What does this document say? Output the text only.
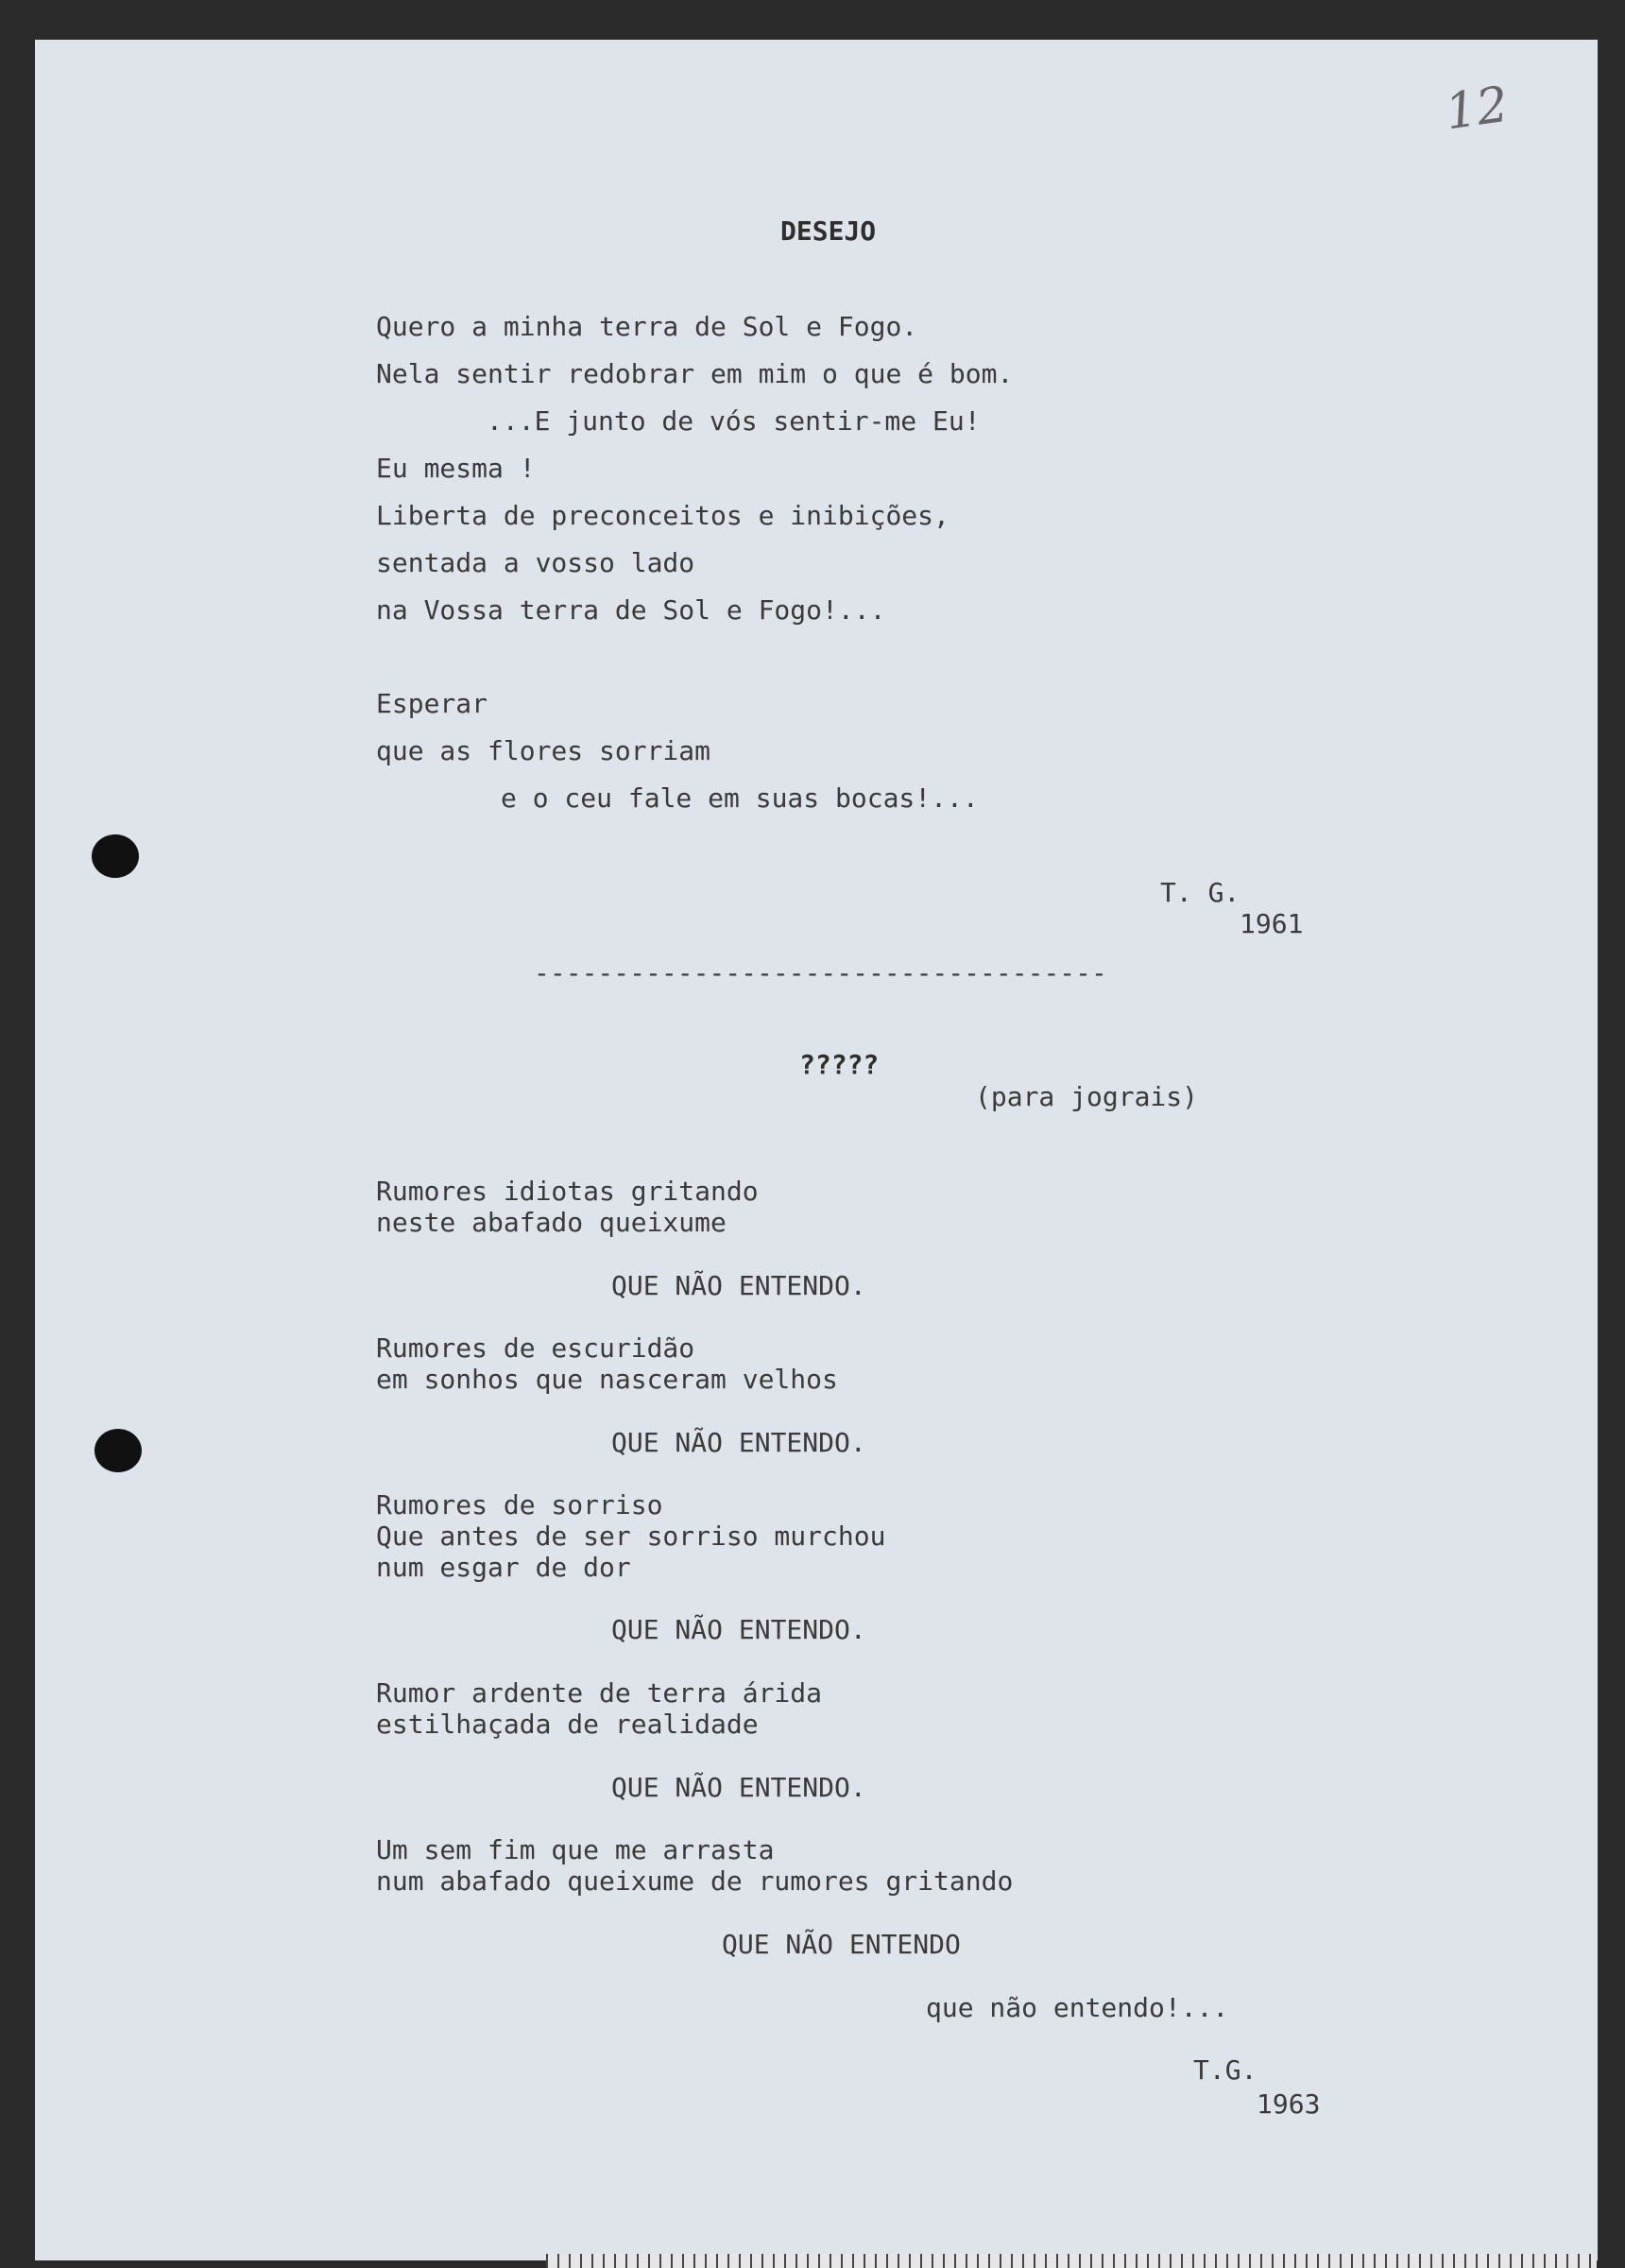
12
DESEJO
Quero a minha terra de Sol e Fogo.
Nela sentir redobrar em mim o que é bom.
...E junto de vós sentir-me Eu!
Eu mesma !
Liberta de preconceitos e inibições,
sentada a vosso lado
na Vossa terra de Sol e Fogo!...
Esperar
que as flores sorriam
e o ceu fale em suas bocas!...
T. G.
1961
------------------------------------
?????
(para jograis)
Rumores idiotas gritando
neste abafado queixume
QUE NÃO ENTENDO.
Rumores de escuridão
em sonhos que nasceram velhos
QUE NÃO ENTENDO.
Rumores de sorriso
Que antes de ser sorriso murchou
num esgar de dor
QUE NÃO ENTENDO.
Rumor ardente de terra árida
estilhaçada de realidade
QUE NÃO ENTENDO.
Um sem fim que me arrasta
num abafado queixume de rumores gritando
QUE NÃO ENTENDO
que não entendo!...
T.G.
1963
